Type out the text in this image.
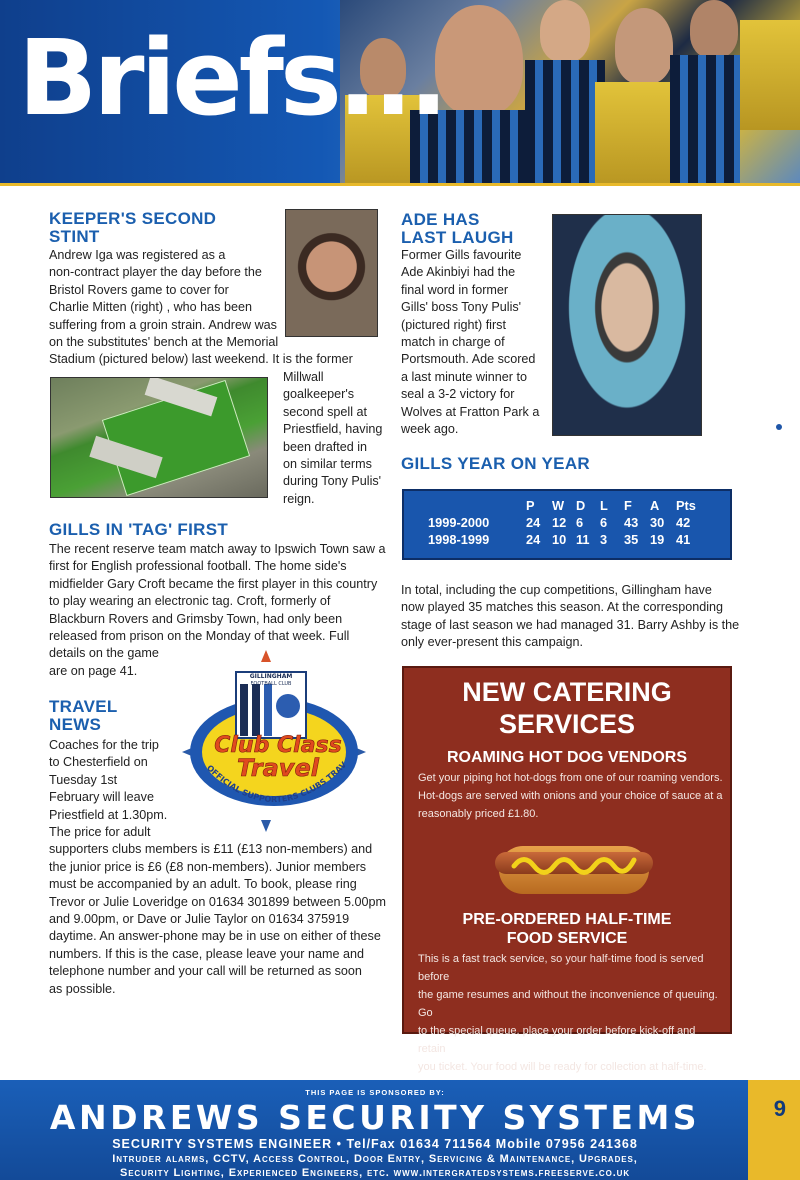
Briefs...
KEEPER'S SECOND
STINT
Andrew Iga was registered as a
non-contract player the day before the
Bristol Rovers game to cover for
Charlie Mitten (right) , who has been
suffering from a groin strain. Andrew was
on the substitutes' bench at the Memorial
Stadium (pictured below) last weekend. It is the former
Millwall
goalkeeper's
second spell at
Priestfield, having
been drafted in
on similar terms
during Tony Pulis'
reign.
GILLS IN 'TAG' FIRST
The recent reserve team match away to Ipswich Town saw a
first for English professional football. The home side's
midfielder Gary Croft became the first player in this country
to play wearing an electronic tag. Croft, formerly of
Blackburn Rovers and Grimsby Town, had only been
released from prison on the Monday of that week. Full
details on the game
are on page 41.
TRAVEL
NEWS
Coaches for the trip
to Chesterfield on
Tuesday 1st
February will leave
Priestfield at 1.30pm.
The price for adult
supporters clubs members is £11 (£13 non-members) and
the junior price is £6 (£8 non-members). Junior members
must be accompanied by an adult. To book, please ring
Trevor or Julie Loveridge on 01634 301899 between 5.00pm
and 9.00pm, or Dave or Julie Taylor on 01634 375919
daytime. An answer-phone may be in use on either of these
numbers. If this is the case, please leave your name and
telephone number and your call will be returned as soon
as possible.
GILLINGHAM
FOOTBALL CLUB
Club Class
Travel
OFFICIAL SUPPORTERS CLUBS TRAV
ADE HAS
LAST LAUGH
Former Gills favourite
Ade Akinbiyi had the
final word in former
Gills' boss Tony Pulis'
(pictured right) first
match in charge of
Portsmouth. Ade scored
a last minute winner to
seal a 3-2 victory for
Wolves at Fratton Park a
week ago.
GILLS YEAR ON YEAR
	P	W	D	L	F	A	Pts
1999-2000	24	12	6	6	43	30	42
1998-1999	24	10	11	3	35	19	41
In total, including the cup competitions, Gillingham have
now played 35 matches this season. At the corresponding
stage of last season we had managed 31. Barry Ashby is the
only ever-present this campaign.
NEW CATERING
SERVICES
ROAMING HOT DOG VENDORS
Get your piping hot hot-dogs from one of our roaming vendors.
Hot-dogs are served with onions and your choice of sauce at a
reasonably priced £1.80.
PRE-ORDERED HALF-TIME
FOOD SERVICE
This is a fast track service, so your half-time food is served before
the game resumes and without the inconvenience of queuing. Go
to the special queue, place your order before kick-off and retain
you ticket. Your food will be ready for collection at half-time.
THIS PAGE IS SPONSORED BY:
ANDREWS SECURITY SYSTEMS
SECURITY SYSTEMS ENGINEER • Tel/Fax 01634 711564 Mobile 07956 241368
Intruder alarms, CCTV, Access Control, Door Entry, Servicing & Maintenance, Upgrades,
Security Lighting, Experienced Engineers, etc. www.intergratedsystems.freeserve.co.uk
9
